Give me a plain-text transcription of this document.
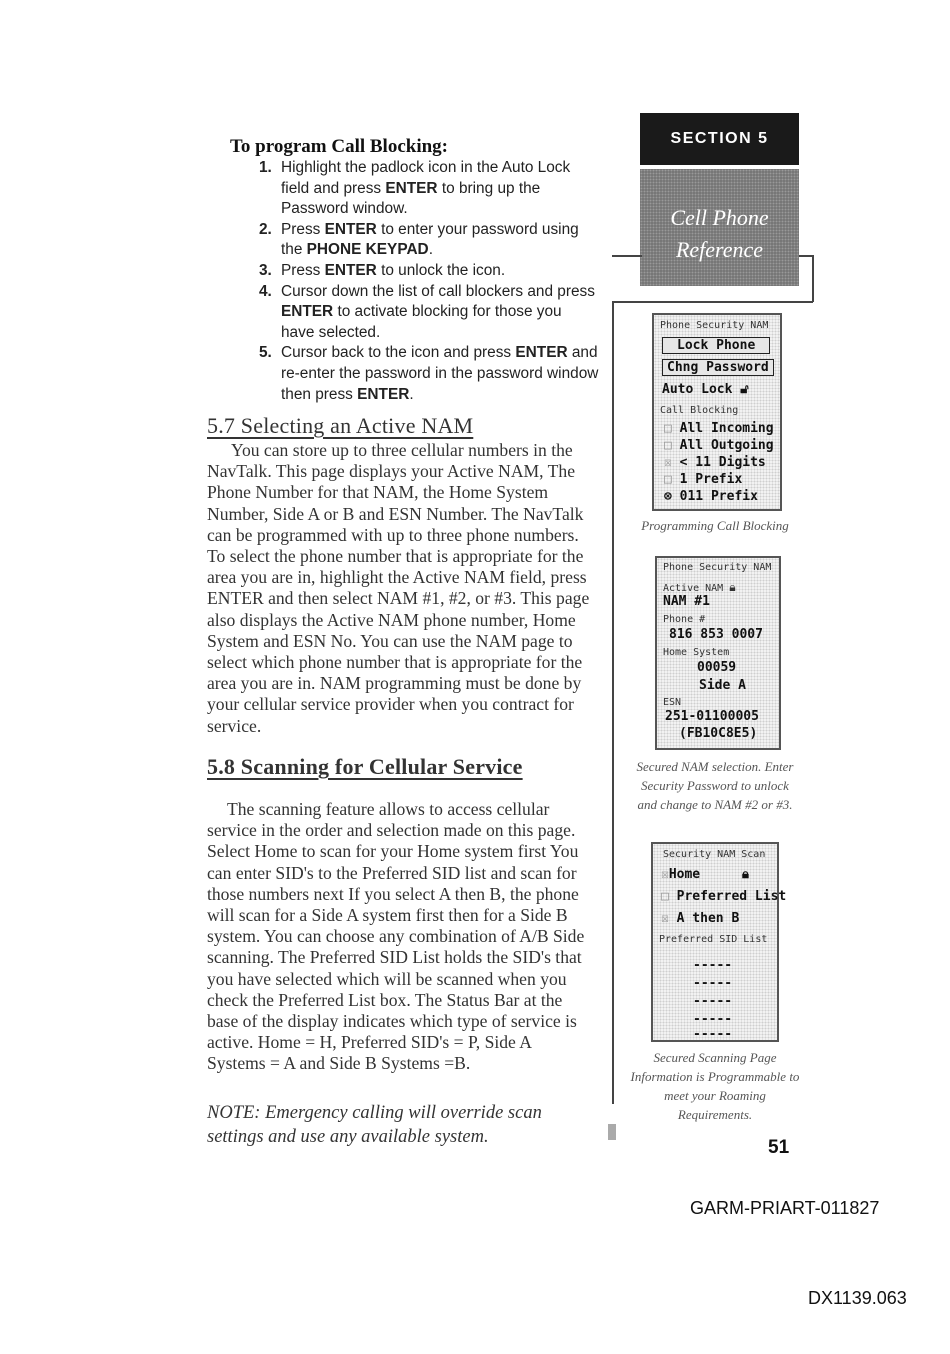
To program Call Blocking:
1. Highlight the padlock icon in the Auto Lock field and press ENTER to bring up the Password window.
2. Press ENTER to enter your password using the PHONE KEYPAD.
3. Press ENTER to unlock the icon.
4. Cursor down the list of call blockers and press ENTER to activate blocking for those you have selected.
5. Cursor back to the icon and press ENTER and re-enter the password in the password window then press ENTER.
5.7 Selecting an Active NAM

You can store up to three cellular numbers in the NavTalk. This page displays your Active NAM, The Phone Number for that NAM, the Home System Number, Side A or B and ESN Number. The NavTalk can be programmed with up to three phone numbers. To select the phone number that is appropriate for the area you are in, highlight the Active NAM field, press ENTER and then select NAM #1, #2, or #3. This page also displays the Active NAM phone number, Home System and ESN No. You can use the NAM page to select which phone number that is appropriate for the area you are in. NAM programming must be done by your cellular service provider when you contract for service.

5.8 Scanning for Cellular Service

The scanning feature allows to access cellular service in the order and selection made on this page. Select Home to scan for your Home system first You can enter SID's to the Preferred SID list and scan for those numbers next If you select A then B, the phone will scan for a Side A system first then for a Side B system. You can choose any combination of A/B Side scanning. The Preferred SID List holds the SID's that you have selected which will be scanned when you check the Preferred List box. The Status Bar at the base of the display indicates which type of service is active. Home = H, Preferred SID's = P, Side A Systems = A and Side B Systems =B.

NOTE: Emergency calling will override scan settings and use any available system.

SECTION 5
Cell Phone
Reference
Phone Security NAM
Lock Phone
Chng Password
Auto Lock 🔓︎
Call Blocking
□ All Incoming
□ All Outgoing
☒ < 11 Digits
□ 1 Prefix
⊗ 011 Prefix
Programming Call Blocking
Phone Security NAM
Active NAM 🔒︎
NAM #1
Phone #
816 853 0007
Home System
00059
Side A
ESN
251-01100005
(FB10C8E5)
Secured NAM selection. Enter Security Password to unlock and change to NAM #2 or #3.
Security NAM Scan
☒Home	🔒︎
□ Preferred List
☒ A then B
Preferred SID List
-----
-----
-----
-----
-----
Secured Scanning Page Information is Programmable to meet your Roaming Requirements.
51
GARM-PRIART-011827
DX1139.063
